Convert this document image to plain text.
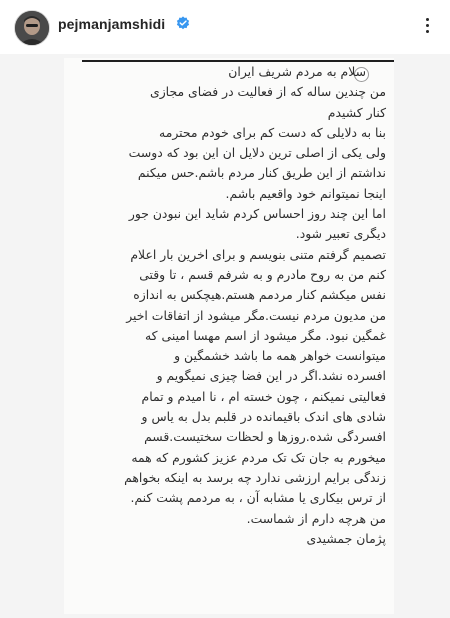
pejmanjamshidi
سلام به مردم شریف ایران
من چندین ساله که از فعالیت در فضای مجازی
کنار کشیدم
بنا به دلایلی که دست کم برای خودم محترمه
ولی یکی از اصلی ترین دلایل ان این بود که دوست
نداشتم از این طریق کنار مردم باشم.حس میکنم
اینجا نمیتوانم خود واقعیم باشم.
اما این چند روز احساس کردم شاید این نبودن جور
دیگری تعبیر شود.
تصمیم گرفتم متنی بنویسم و برای اخرین بار اعلام
کنم من به روح مادرم و به شرفم قسم ، تا وقتی
نفس میکشم کنار مردمم هستم.هیچکس به اندازه
من مدیون مردم نیست.مگر میشود از اتفاقات اخیر
غمگین نبود. مگر میشود از اسم مهسا امینی که
میتوانست خواهر همه ما باشد خشمگین و
افسرده نشد.اگر در این فضا چیزی نمیگویم و
فعالیتی نمیکنم ، چون خسته ام ، نا امیدم و تمام
شادی های اندک باقیمانده در قلبم بدل به یاس و
افسردگی شده.روزها و لحظات سختیست.قسم
میخورم به جان تک تک مردم عزیز کشورم که همه
زندگی برایم ارزشی ندارد چه برسد به اینکه بخواهم
از ترس بیکاری یا مشابه آن ، به مردمم پشت کنم.
من هرچه دارم از شماست.
پژمان جمشیدی
